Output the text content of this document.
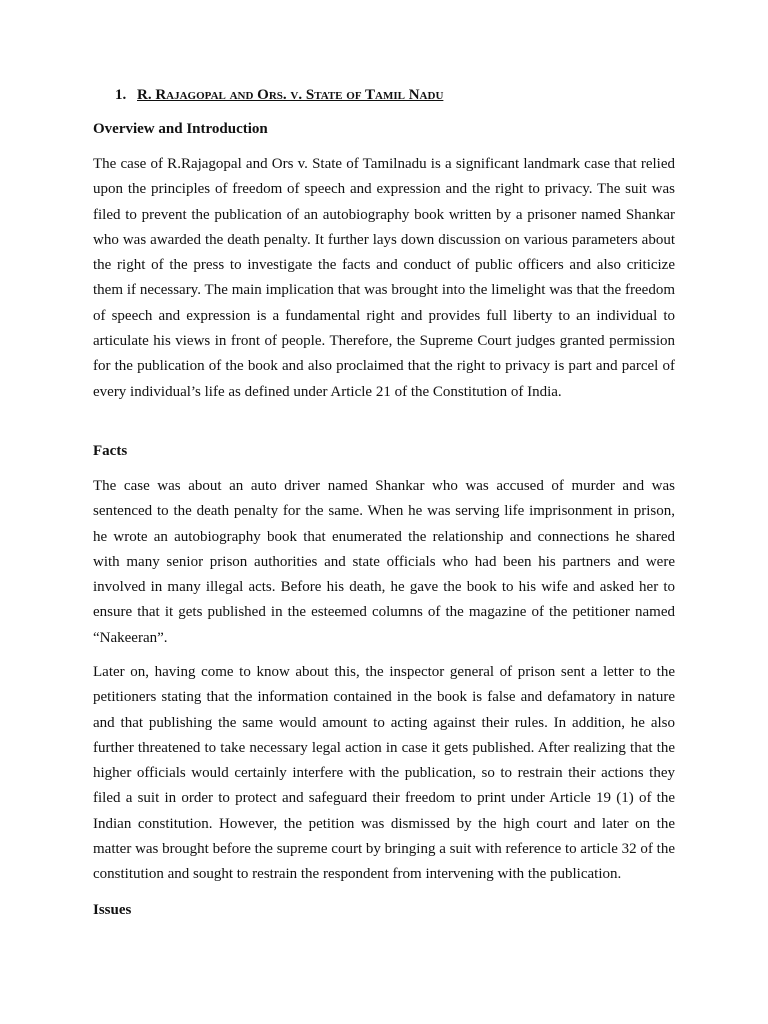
1. R. Rajagopal and Ors. v. State of Tamil Nadu
Overview and Introduction
The case of R.Rajagopal and Ors v. State of Tamilnadu is a significant landmark case that relied upon the principles of freedom of speech and expression and the right to privacy. The suit was filed to prevent the publication of an autobiography book written by a prisoner named Shankar who was awarded the death penalty. It further lays down discussion on various parameters about the right of the press to investigate the facts and conduct of public officers and also criticize them if necessary. The main implication that was brought into the limelight was that the freedom of speech and expression is a fundamental right and provides full liberty to an individual to articulate his views in front of people. Therefore, the Supreme Court judges granted permission for the publication of the book and also proclaimed that the right to privacy is part and parcel of every individual’s life as defined under Article 21 of the Constitution of India.
Facts
The case was about an auto driver named Shankar who was accused of murder and was sentenced to the death penalty for the same. When he was serving life imprisonment in prison, he wrote an autobiography book that enumerated the relationship and connections he shared with many senior prison authorities and state officials who had been his partners and were involved in many illegal acts. Before his death, he gave the book to his wife and asked her to ensure that it gets published in the esteemed columns of the magazine of the petitioner named “Nakeeran”.
Later on, having come to know about this, the inspector general of prison sent a letter to the petitioners stating that the information contained in the book is false and defamatory in nature and that publishing the same would amount to acting against their rules. In addition, he also further threatened to take necessary legal action in case it gets published. After realizing that the higher officials would certainly interfere with the publication, so to restrain their actions they filed a suit in order to protect and safeguard their freedom to print under Article 19 (1) of the Indian constitution. However, the petition was dismissed by the high court and later on the matter was brought before the supreme court by bringing a suit with reference to article 32 of the constitution and sought to restrain the respondent from intervening with the publication.
Issues
